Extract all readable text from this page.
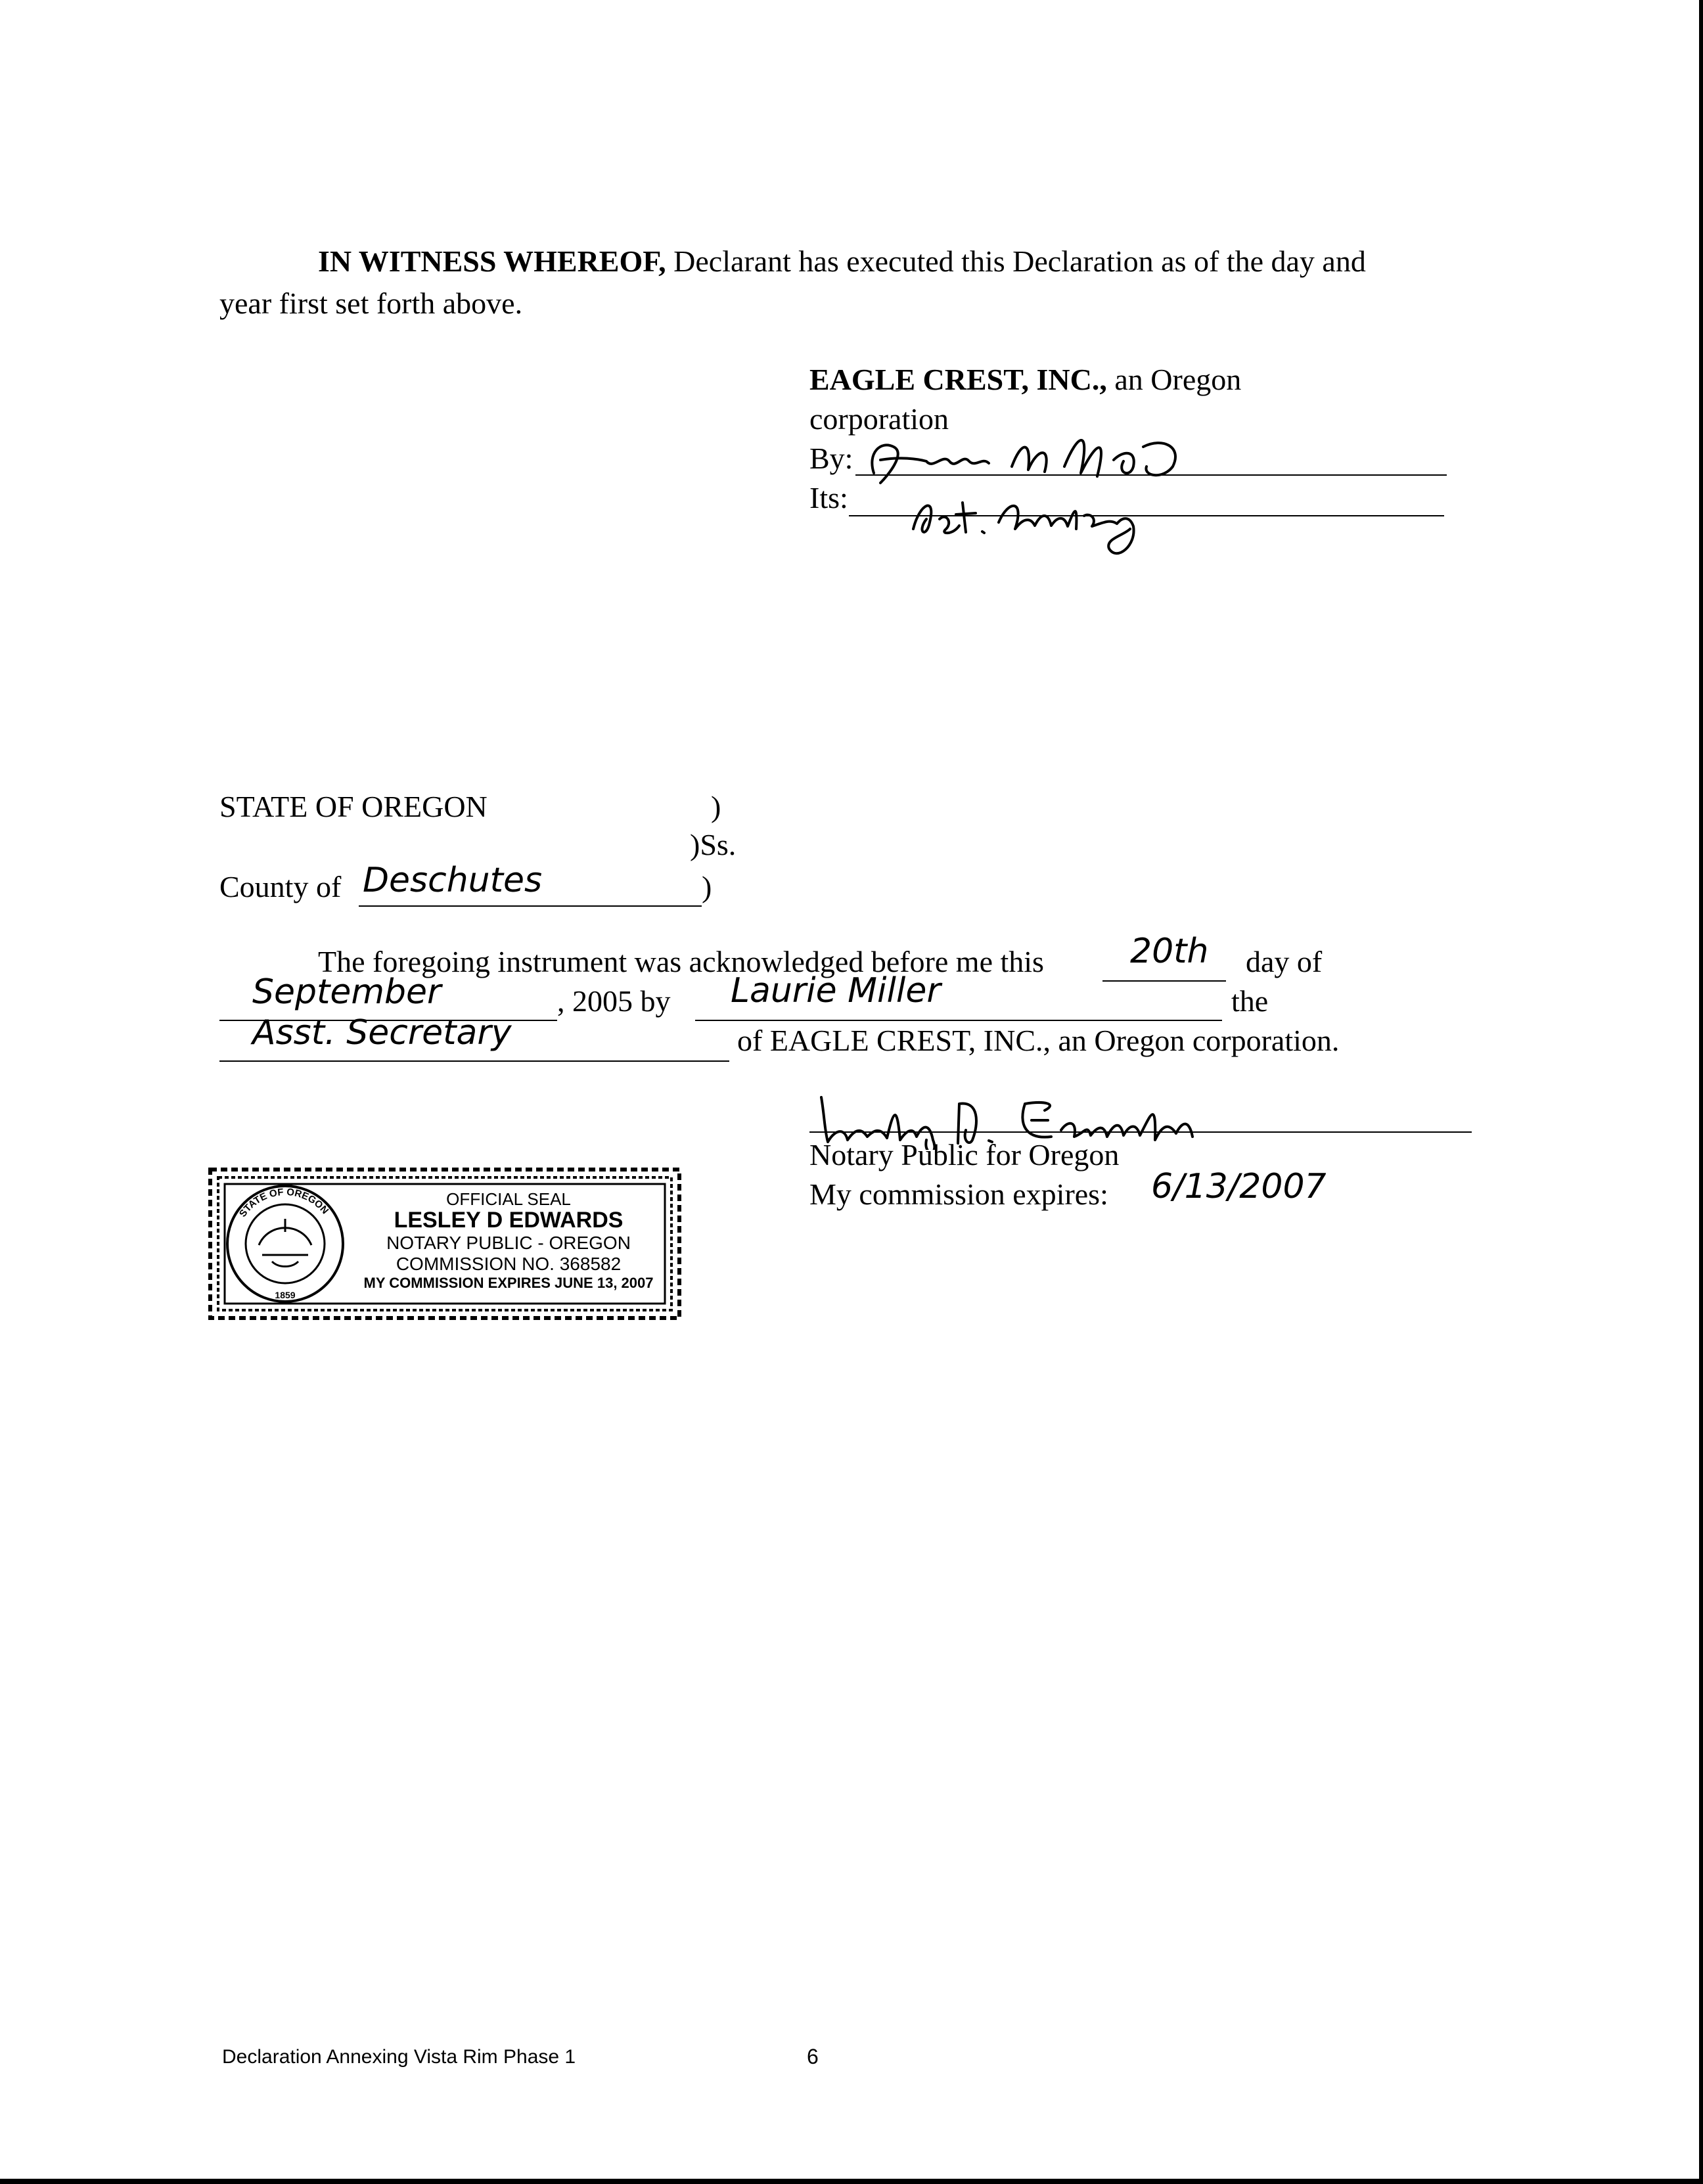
IN WITNESS WHEREOF, Declarant has executed this Declaration as of the day and
year first set forth above.
EAGLE CREST, INC., an Oregon
corporation
By:
Its:
STATE OF OREGON	)
)Ss.
County of Deschutes	)
The foregoing instrument was acknowledged before me this	20th day of
September	, 2005 by Laurie Miller	the
Asst. Secretary	of EAGLE CREST, INC., an Oregon corporation.
Notary Public for Oregon
My commission expires: 6/13/2007
STATE OF OREGON
1859
OFFICIAL SEAL
LESLEY D EDWARDS
NOTARY PUBLIC - OREGON
COMMISSION NO. 368582
MY COMMISSION EXPIRES JUNE 13, 2007
Declaration Annexing Vista Rim Phase 1	6
